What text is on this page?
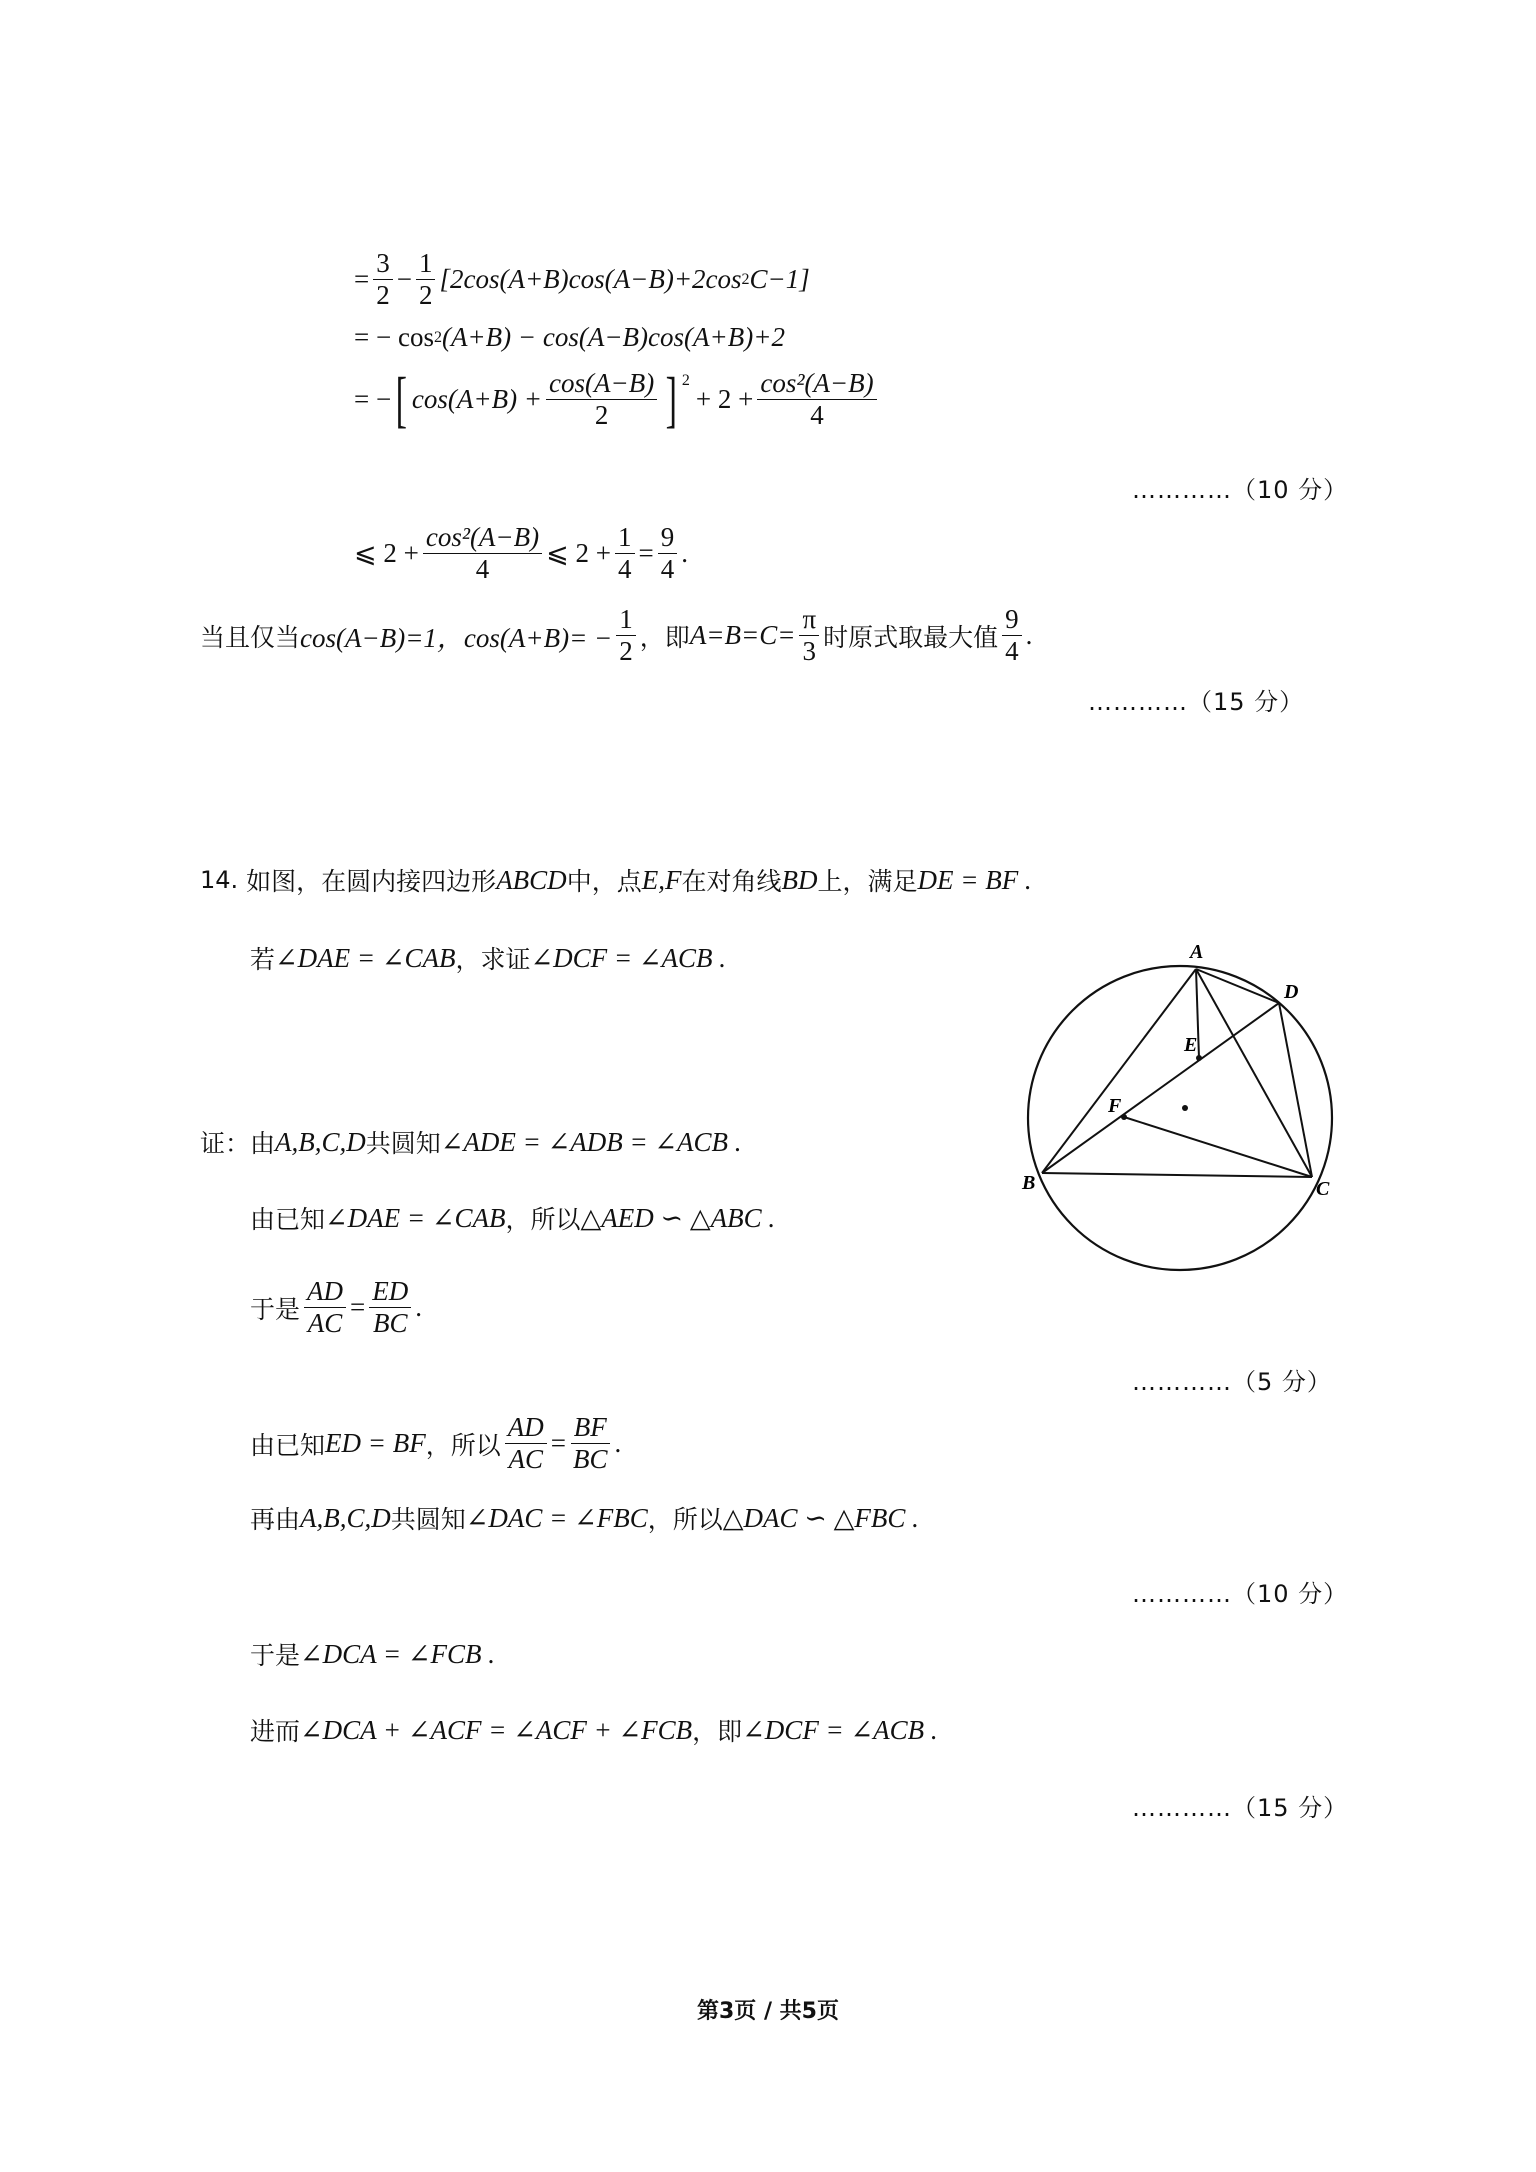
= $\frac{3}{2} - \frac{1}{2} [2\cos(A+B)\cos(A-B)+2\cos$ 2 C−1]
= − cos 2 (A+B) − cos(A−B)cos(A+B)+2
= − [ $\cos(A+B) + \frac{\cos(A-B)}{2}$ ] $^2$
+ $2 + \frac{\text{cos²(A−B)}}{4}$
…………（10 分）
⩽ $2 + \frac{\text{cos²(A−B)}}{4}$ ⩽ $2 + \frac{1}{4} = \frac{9}{4}$ .
当且仅当 cos(A−B)=1，$\cos(A+B)= - \frac{1}{2}$ ，即 $A=B=C= \frac{\pi}{3}$ 时原式取最大值 $\frac{9}{4}$ .
…………（15 分）
14. 如图，在圆内接四边形 ABCD 中，点 E,F 在对角线 BD 上，满足 DE = BF .
若 ∠DAE = ∠CAB ，求证 ∠DCF = ∠ACB .	A
D
E
F
B	C
证：由 A,B,C,D 共圆知 ∠ADE = ∠ADB = ∠ACB .
由已知 ∠DAE = ∠CAB ，所以 △AED ∽ △ABC .
于是 $\frac{AD}{AC} = \frac{ED}{BC}$ .
…………（5 分）
由已知 ED = BF ，所以 $\frac{AD}{AC} = \frac{BF}{BC}$ .
再由 A,B,C,D 共圆知 ∠DAC = ∠FBC ，所以 △DAC ∽ △FBC .
…………（10 分）
于是 ∠DCA = ∠FCB .
进而 ∠DCA + ∠ACF = ∠ACF + ∠FCB ，即 ∠DCF = ∠ACB .
…………（15 分）
第3页 / 共5页
